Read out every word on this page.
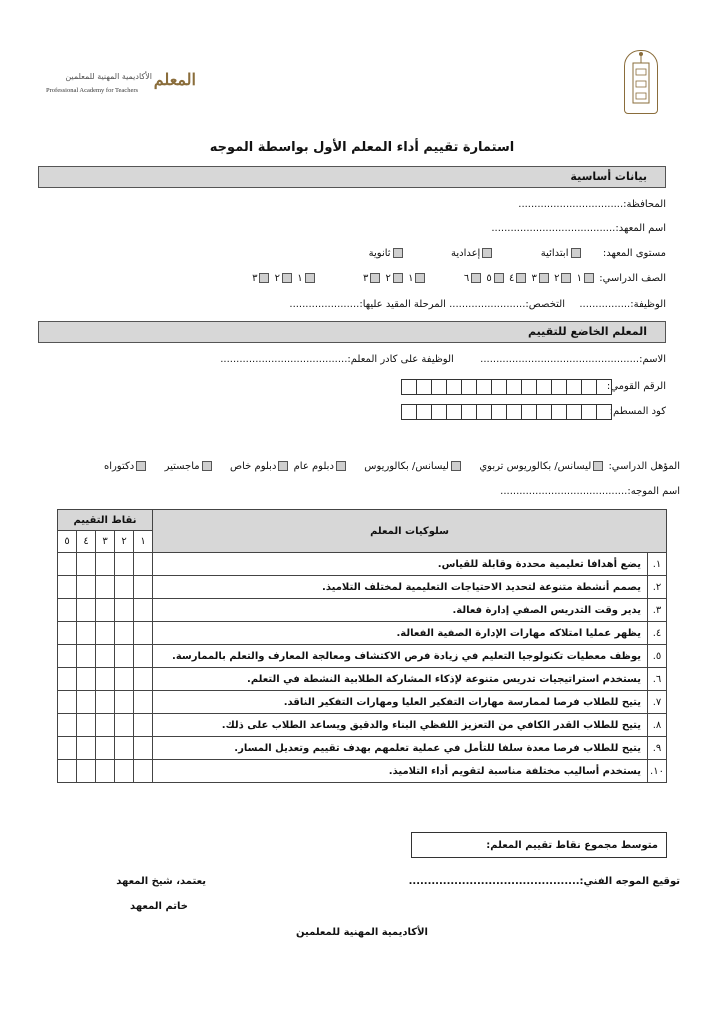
المعلم
الأكاديمية المهنية للمعلمين
Professional Academy for Teachers
استمارة تقييم أداء المعلم الأول بواسطة الموجه
بيانات أساسية
المحافظة:.................................
اسم المعهد:.......................................
مستوى المعهد:  ابتدائية  إعدادية  ثانوية
الصف الدراسي: ١ ٢ ٣ ٤ ٥ ٦  ١ ٢ ٣  ١ ٢ ٣
الوظيفة:................  التخصص:........................ المرحلة المقيد عليها:......................
المعلم الخاضع للتقييم
الاسم:..................................................  الوظيفة على كادر المعلم:........................................
الرقم القومي:
كود المسطم:
المؤهل الدراسي: ليسانس/ بكالوريوس تربوي  ليسانس/ بكالوريوس  دبلوم عام دبلوم خاص  ماجستير  دكتوراه
اسم الموجه:........................................
سلوكيات المعلم		نقاط التقييم				
		١	٢	٣	٤	٥
١.	يضع أهدافا تعليمية محددة وقابلة للقياس.					
٢.	يصمم أنشطة متنوعة لتحديد الاحتياجات التعليمية لمختلف التلاميذ.					
٣.	يدير وقت التدريس الصفي إدارة فعالة.					
٤.	يظهر عمليا امتلاكه مهارات الإدارة الصفية الفعالة.					
٥.	يوظف معطيات تكنولوجيا التعليم في زيادة فرص الاكتشاف ومعالجة المعارف والتعلم بالممارسة.					
٦.	يستخدم استراتيجيات تدريس متنوعة لإذكاء المشاركة الطلابية النشطة في التعلم.					
٧.	يتيح للطلاب فرصا لممارسة مهارات التفكير العليا ومهارات التفكير الناقد.					
٨.	يتيح للطلاب القدر الكافي من التعزيز اللفظي البناء والدقيق ويساعد الطلاب على ذلك.					
٩.	يتيح للطلاب فرصا معدة سلفا للتأمل في عملية تعلمهم بهدف تقييم وتعديل المسار.					
١٠.	يستخدم أساليب مختلفة مناسبة لتقويم أداء التلاميذ.					
متوسط مجموع نقاط تقييم المعلم:
توقيع الموجه الفني:.............................................
يعتمد، شيخ المعهد
خاتم المعهد
الأكاديمية المهنية للمعلمين
